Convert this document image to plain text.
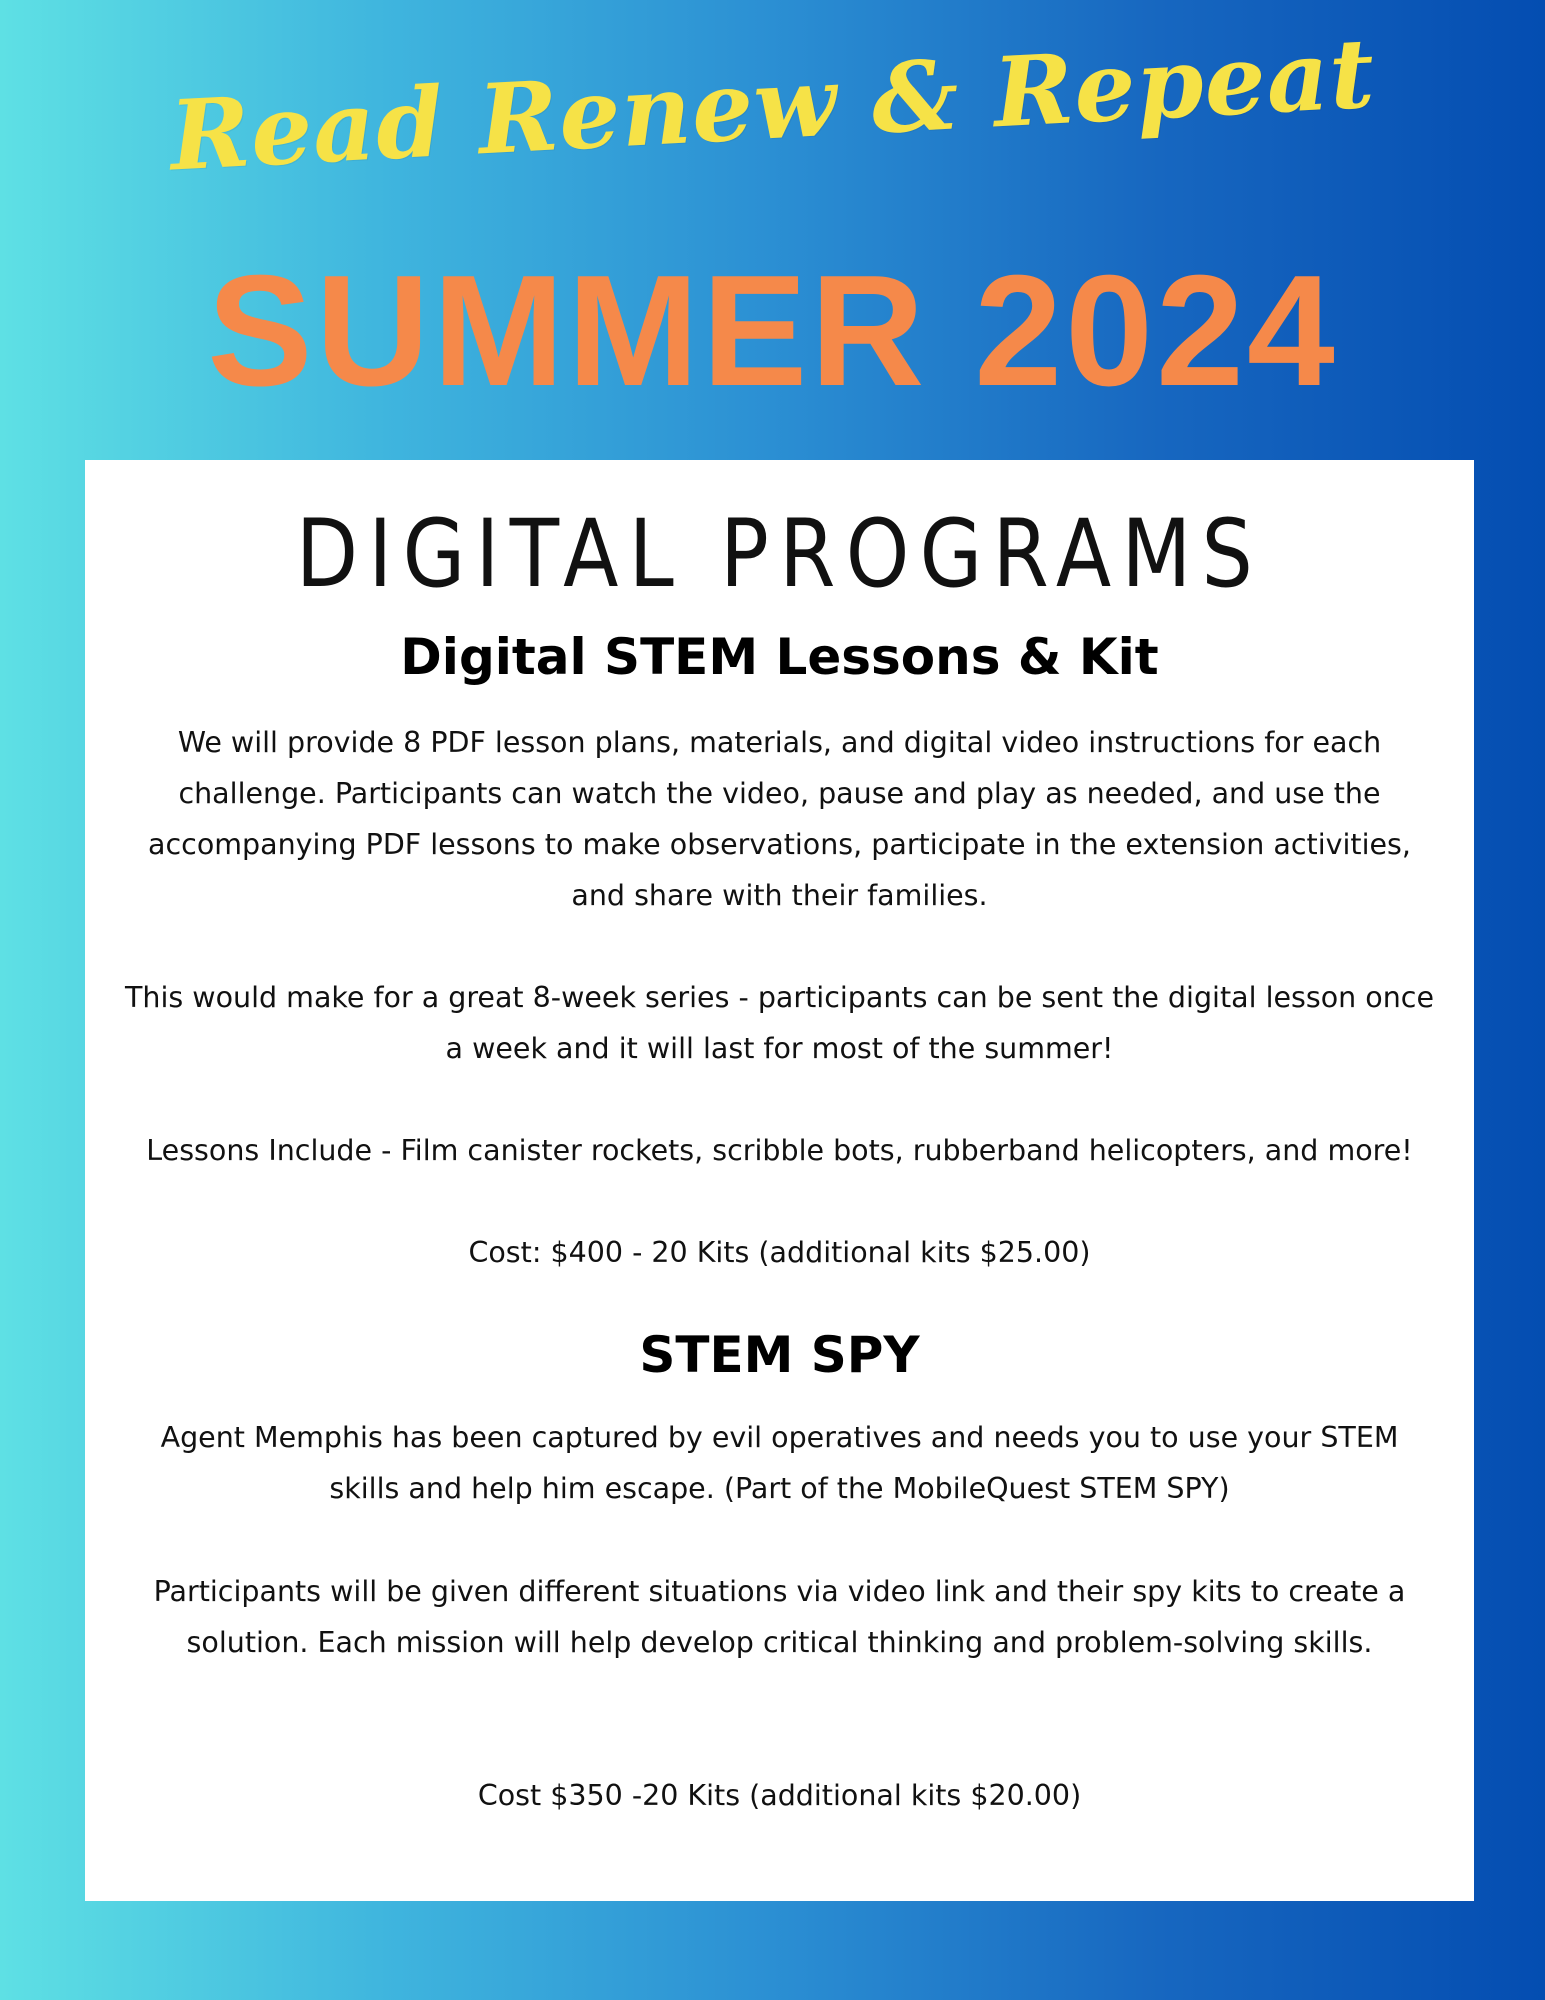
Read Renew & Repeat
SUMMER 2024
DIGITAL PROGRAMS
Digital STEM Lessons & Kit
We will provide 8 PDF lesson plans, materials, and digital video instructions for each challenge. Participants can watch the video, pause and play as needed, and use the accompanying PDF lessons to make observations, participate in the extension activities, and share with their families.
This would make for a great 8-week series - participants can be sent the digital lesson once a week and it will last for most of the summer!
Lessons Include - Film canister rockets, scribble bots, rubberband helicopters, and more!
Cost: $400 - 20 Kits (additional kits $25.00)
STEM SPY
Agent Memphis has been captured by evil operatives and needs you to use your STEM skills and help him escape. (Part of the MobileQuest STEM SPY)
Participants will be given different situations via video link and their spy kits to create a solution. Each mission will help develop critical thinking and problem-solving skills.
Cost $350 -20 Kits (additional kits $20.00)
